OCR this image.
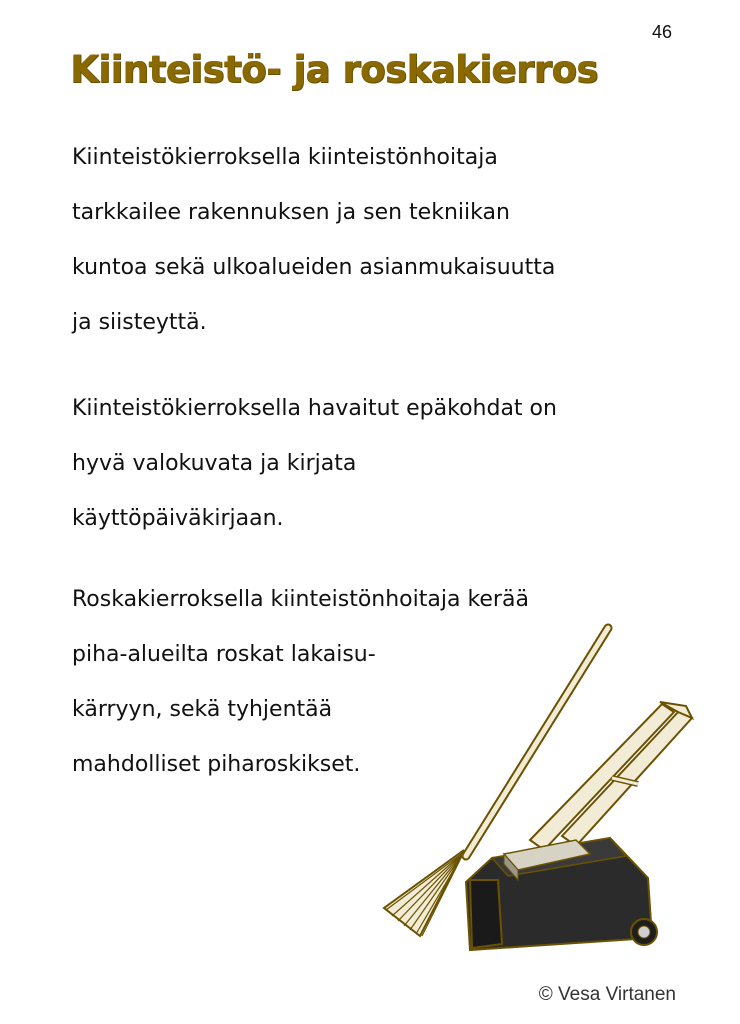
46
Kiinteistö- ja roskakierros
Kiinteistökierroksella kiinteistönhoitaja
tarkkailee rakennuksen ja sen tekniikan
kuntoa sekä ulkoalueiden asianmukaisuutta
ja siisteyttä.
Kiinteistökierroksella havaitut epäkohdat on
hyvä valokuvata ja kirjata
käyttöpäiväkirjaan.
Roskakierroksella kiinteistönhoitaja kerää
piha-alueilta roskat lakaisu-
kärryyn, sekä tyhjentää
mahdolliset piharoskikset.
© Vesa Virtanen
